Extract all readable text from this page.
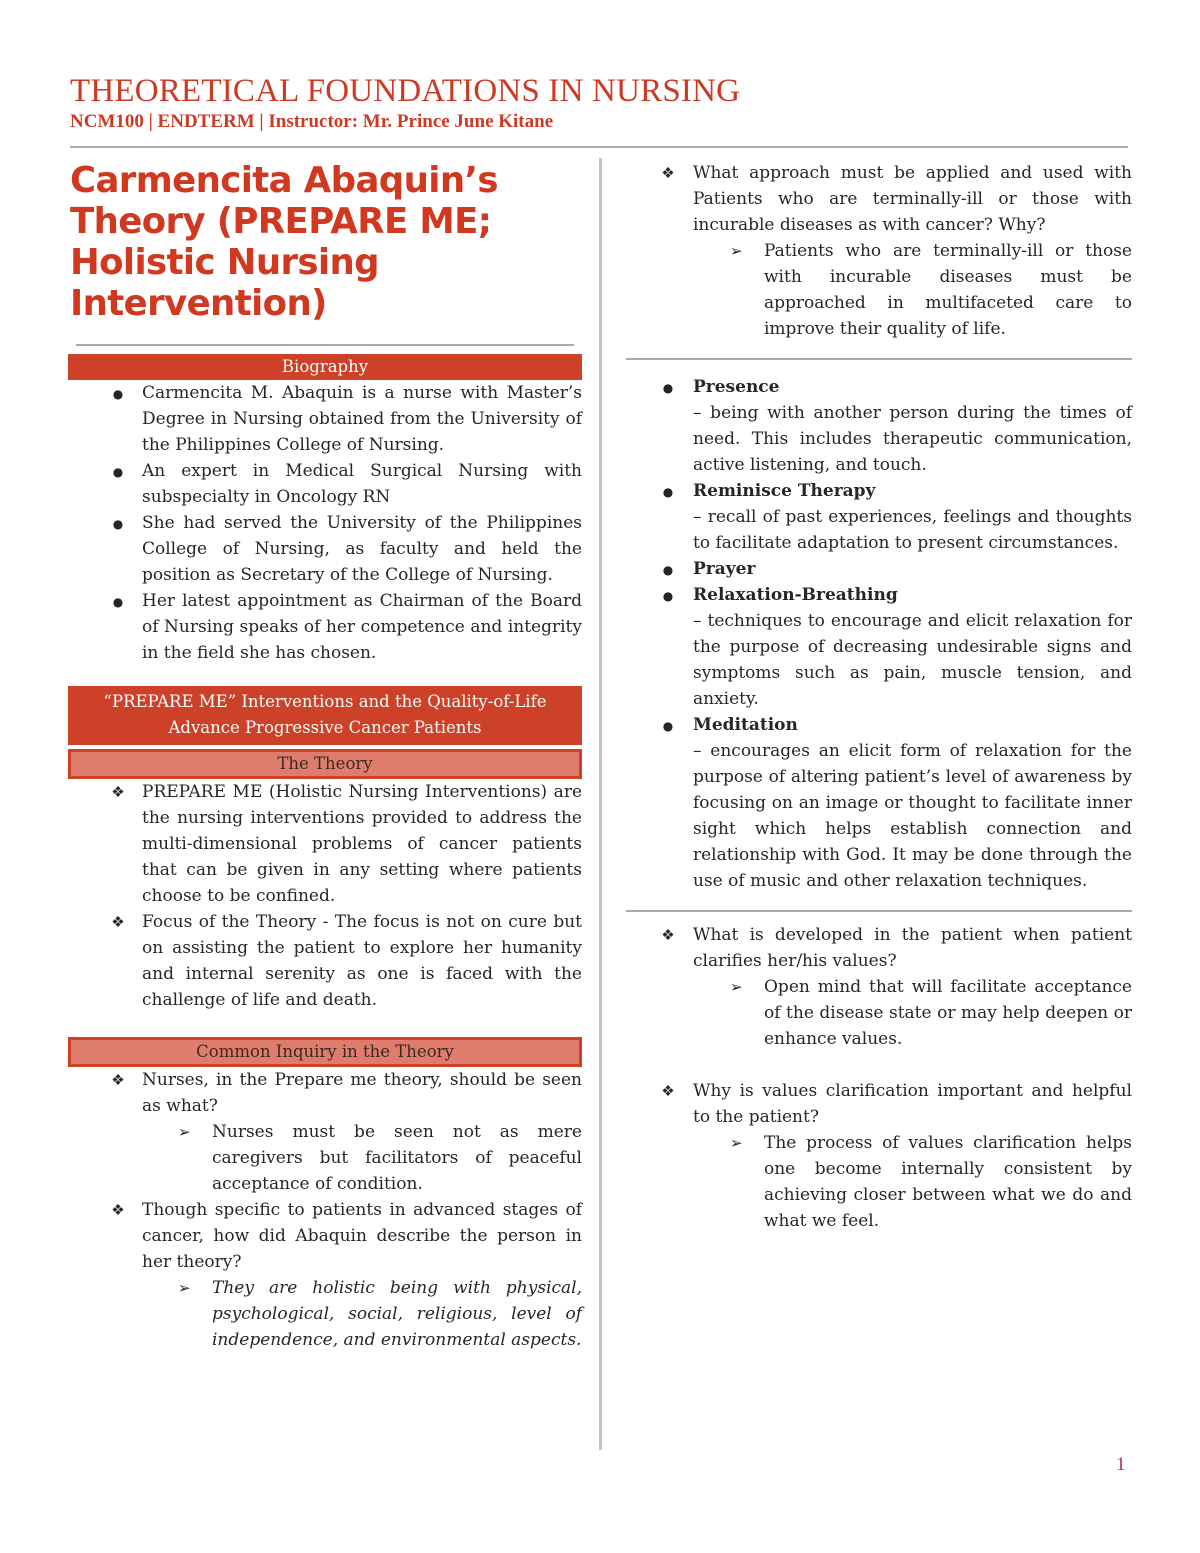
THEORETICAL FOUNDATIONS IN NURSING
NCM100 | ENDTERM | Instructor: Mr. Prince June Kitane
Carmencita Abaquin’s
Theory (PREPARE ME;
Holistic Nursing
Intervention)
Biography
● Carmencita M. Abaquin is a nurse with Master’s Degree in Nursing obtained from the University of the Philippines College of Nursing.
● An expert in Medical Surgical Nursing with subspecialty in Oncology RN
● She had served the University of the Philippines College of Nursing, as faculty and held the position as Secretary of the College of Nursing.
● Her latest appointment as Chairman of the Board of Nursing speaks of her competence and integrity in the field she has chosen.
“PREPARE ME” Interventions and the Quality-of-Life
Advance Progressive Cancer Patients
The Theory
❖ PREPARE ME (Holistic Nursing Interventions) are the nursing interventions provided to address the multi-dimensional problems of cancer patients that can be given in any setting where patients choose to be confined.
❖ Focus of the Theory - The focus is not on cure but on assisting the patient to explore her humanity and internal serenity as one is faced with the challenge of life and death.
Common Inquiry in the Theory
❖ Nurses, in the Prepare me theory, should be seen as what?
➢ Nurses must be seen not as mere caregivers but facilitators of peaceful acceptance of condition.
❖ Though specific to patients in advanced stages of cancer, how did Abaquin describe the person in her theory?
➢ They are holistic being with physical, psychological, social, religious, level of independence, and environmental aspects.
❖ What approach must be applied and used with Patients who are terminally-ill or those with incurable diseases as with cancer? Why?
➢ Patients who are terminally-ill or those with incurable diseases must be approached in multifaceted care to improve their quality of life.
● Presence
– being with another person during the times of need. This includes therapeutic communication, active listening, and touch.
● Reminisce Therapy
– recall of past experiences, feelings and thoughts to facilitate adaptation to present circumstances.
● Prayer
● Relaxation-Breathing
– techniques to encourage and elicit relaxation for the purpose of decreasing undesirable signs and symptoms such as pain, muscle tension, and anxiety.
● Meditation
– encourages an elicit form of relaxation for the purpose of altering patient’s level of awareness by focusing on an image or thought to facilitate inner sight which helps establish connection and relationship with God. It may be done through the use of music and other relaxation techniques.
❖ What is developed in the patient when patient clarifies her/his values?
➢ Open mind that will facilitate acceptance of the disease state or may help deepen or enhance values.
❖ Why is values clarification important and helpful to the patient?
➢ The process of values clarification helps one become internally consistent by achieving closer between what we do and what we feel.
1
